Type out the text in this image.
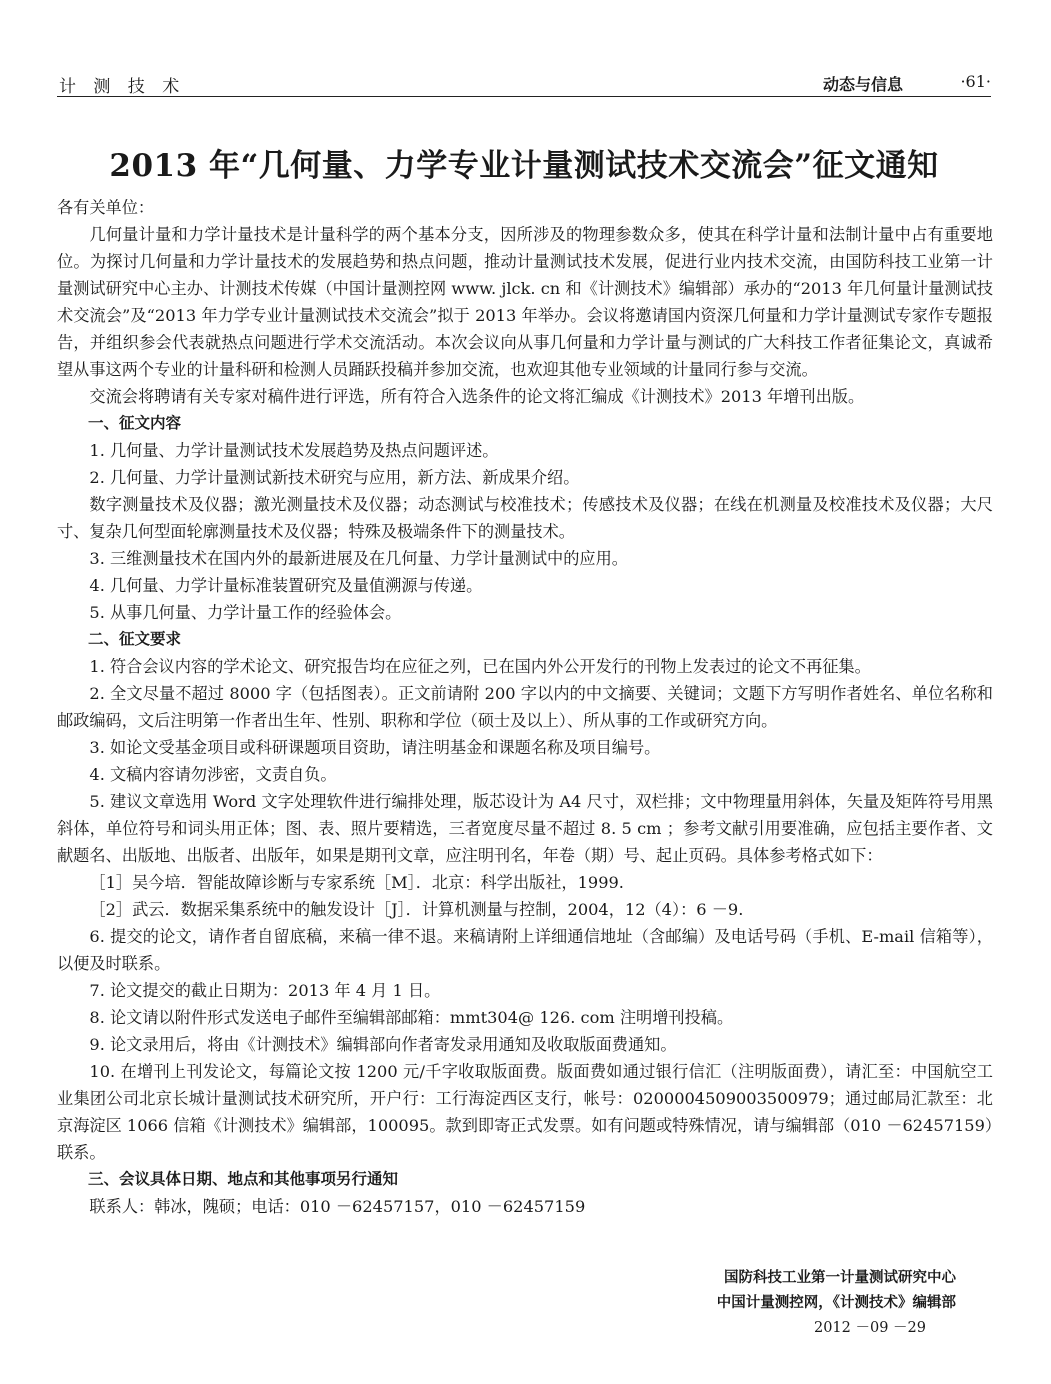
计 测 技 术	动态与信息	·61·
2013 年“几何量、力学专业计量测试技术交流会”征文通知

各有关单位：

几何量计量和力学计量技术是计量科学的两个基本分支，因所涉及的物理参数众多，使其在科学计量和法制计量中占有重要地位。为探讨几何量和力学计量技术的发展趋势和热点问题，推动计量测试技术发展，促进行业内技术交流，由国防科技工业第一计量测试研究中心主办、计测技术传媒（中国计量测控网 www. jlck. cn 和《计测技术》编辑部）承办的“2013 年几何量计量测试技术交流会”及“2013 年力学专业计量测试技术交流会”拟于 2013 年举办。会议将邀请国内资深几何量和力学计量测试专家作专题报告，并组织参会代表就热点问题进行学术交流活动。本次会议向从事几何量和力学计量与测试的广大科技工作者征集论文，真诚希望从事这两个专业的计量科研和检测人员踊跃投稿并参加交流，也欢迎其他专业领域的计量同行参与交流。

交流会将聘请有关专家对稿件进行评选，所有符合入选条件的论文将汇编成《计测技术》2013 年增刊出版。

一、征文内容

1. 几何量、力学计量测试技术发展趋势及热点问题评述。

2. 几何量、力学计量测试新技术研究与应用，新方法、新成果介绍。

数字测量技术及仪器；激光测量技术及仪器；动态测试与校准技术；传感技术及仪器；在线在机测量及校准技术及仪器；大尺寸、复杂几何型面轮廓测量技术及仪器；特殊及极端条件下的测量技术。

3. 三维测量技术在国内外的最新进展及在几何量、力学计量测试中的应用。

4. 几何量、力学计量标准装置研究及量值溯源与传递。

5. 从事几何量、力学计量工作的经验体会。

二、征文要求

1. 符合会议内容的学术论文、研究报告均在应征之列，已在国内外公开发行的刊物上发表过的论文不再征集。

2. 全文尽量不超过 8000 字（包括图表）。正文前请附 200 字以内的中文摘要、关键词；文题下方写明作者姓名、单位名称和邮政编码，文后注明第一作者出生年、性别、职称和学位（硕士及以上）、所从事的工作或研究方向。

3. 如论文受基金项目或科研课题项目资助，请注明基金和课题名称及项目编号。

4. 文稿内容请勿涉密，文责自负。

5. 建议文章选用 Word 文字处理软件进行编排处理，版芯设计为 A4 尺寸，双栏排；文中物理量用斜体，矢量及矩阵符号用黑斜体，单位符号和词头用正体；图、表、照片要精选，三者宽度尽量不超过 8. 5 cm ；参考文献引用要准确，应包括主要作者、文献题名、出版地、出版者、出版年，如果是期刊文章，应注明刊名，年卷（期）号、起止页码。具体参考格式如下：

［1］吴今培．智能故障诊断与专家系统［M］．北京：科学出版社，1999.

［2］武云．数据采集系统中的触发设计［J］．计算机测量与控制，2004，12（4）：6 －9.

6. 提交的论文，请作者自留底稿，来稿一律不退。来稿请附上详细通信地址（含邮编）及电话号码（手机、E-mail 信箱等），以便及时联系。

7. 论文提交的截止日期为：2013 年 4 月 1 日。

8. 论文请以附件形式发送电子邮件至编辑部邮箱：mmt304@ 126. com 注明增刊投稿。

9. 论文录用后，将由《计测技术》编辑部向作者寄发录用通知及收取版面费通知。

10. 在增刊上刊发论文，每篇论文按 1200 元/千字收取版面费。版面费如通过银行信汇（注明版面费），请汇至：中国航空工业集团公司北京长城计量测试技术研究所，开户行：工行海淀西区支行，帐号：0200004509003500979；通过邮局汇款至：北京海淀区 1066 信箱《计测技术》编辑部，100095。款到即寄正式发票。如有问题或特殊情况，请与编辑部（010 －62457159）联系。

三、会议具体日期、地点和其他事项另行通知

联系人：韩冰，隗硕；电话：010 －62457157，010 －62457159

国防科技工业第一计量测试研究中心
中国计量测控网，《计测技术》编辑部
2012 －09 －29
